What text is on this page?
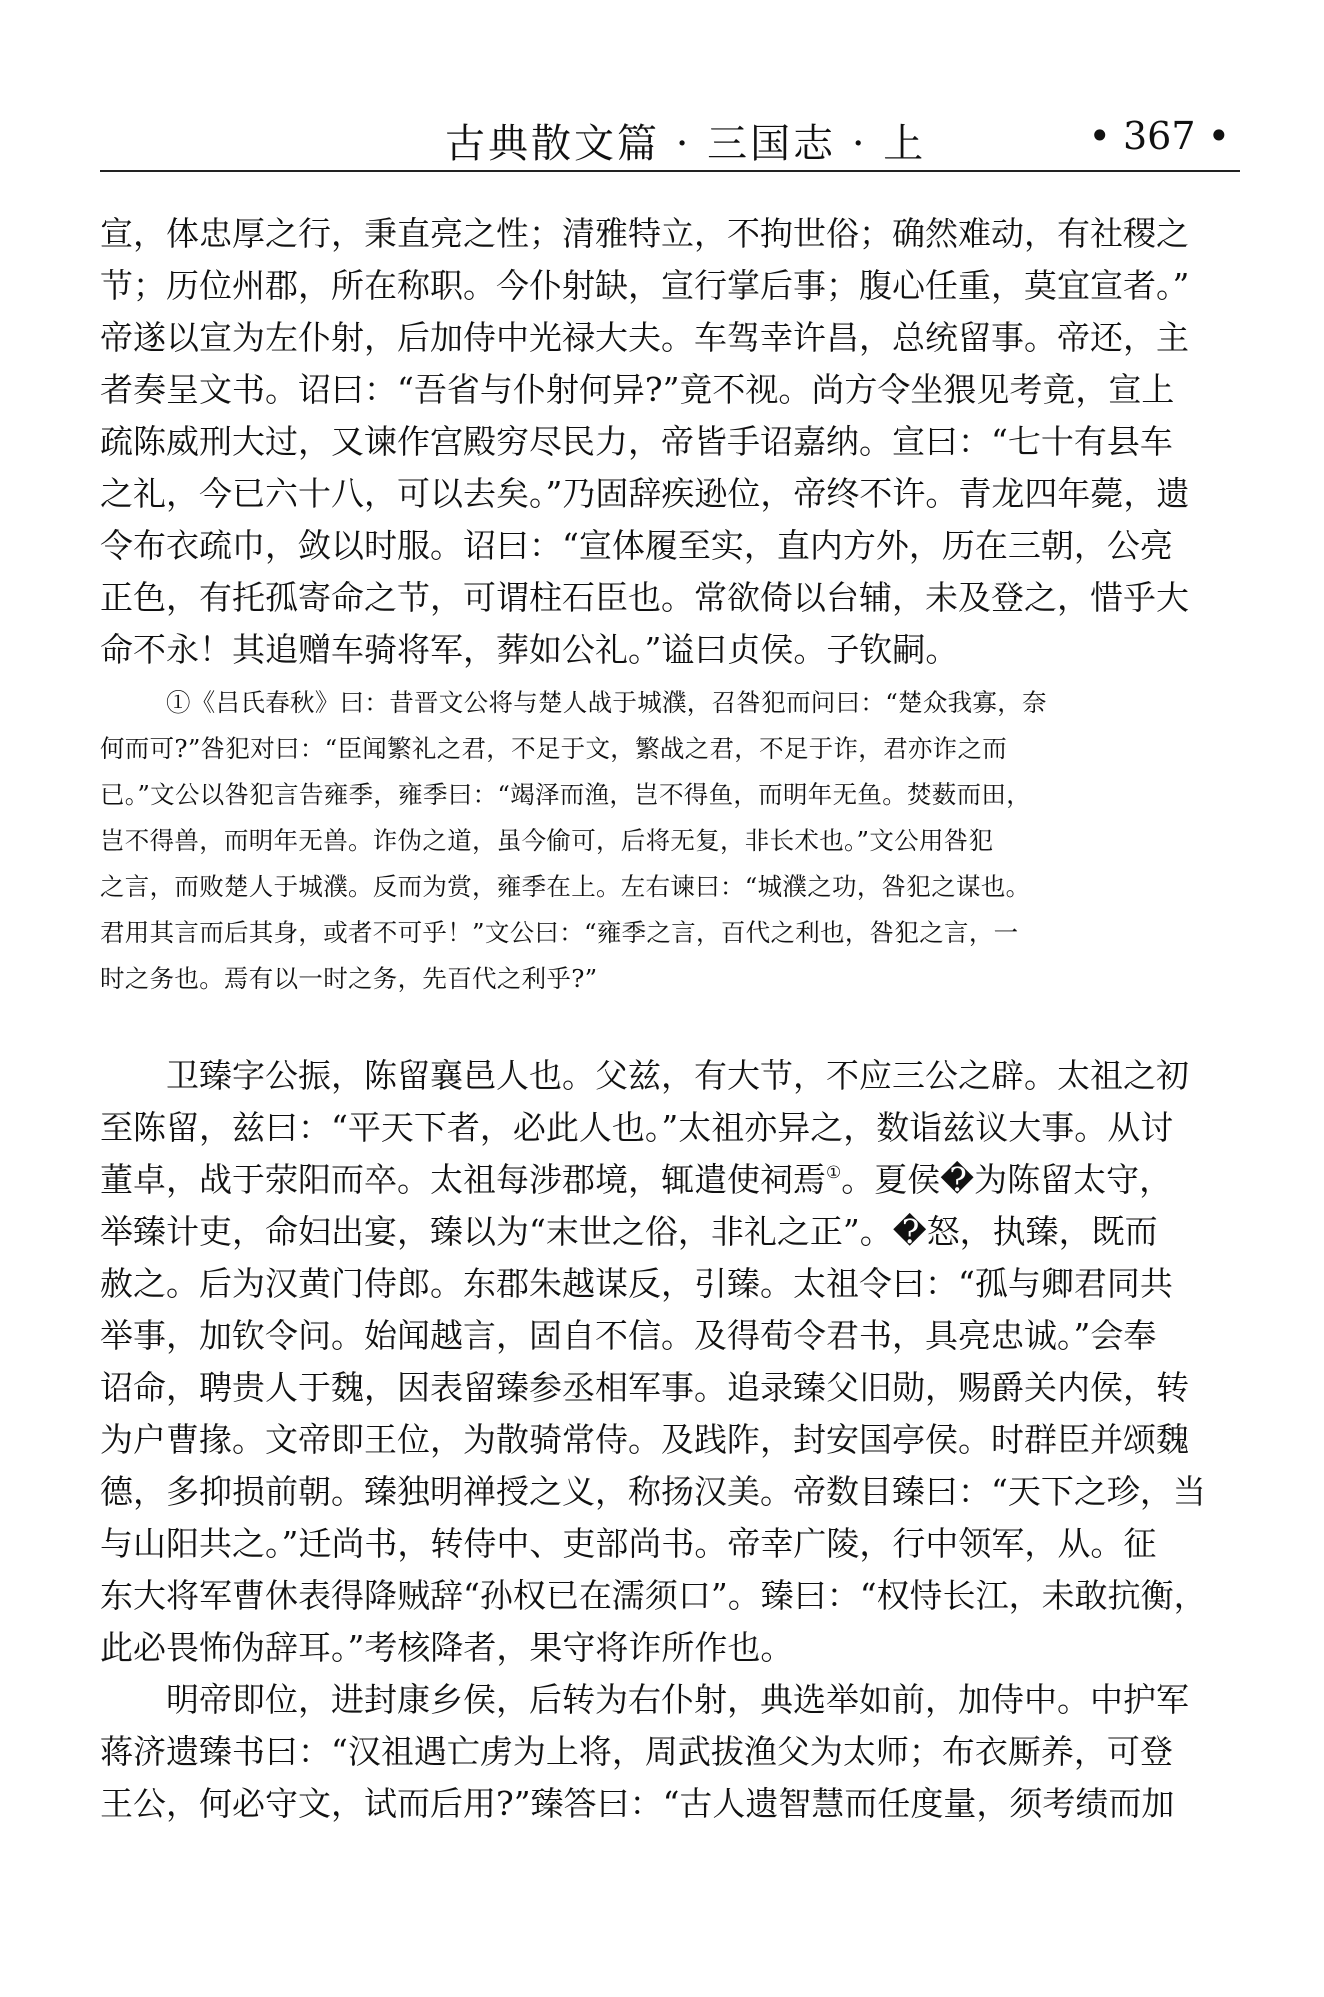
古典散文篇 · 三国志 · 上	• 367 •
宣，体忠厚之行，秉直亮之性；清雅特立，不拘世俗；确然难动，有社稷之
节；历位州郡，所在称职。今仆射缺，宣行掌后事；腹心任重，莫宜宣者。”
帝遂以宣为左仆射，后加侍中光禄大夫。车驾幸许昌，总统留事。帝还，主
者奏呈文书。诏曰：“吾省与仆射何异?”竟不视。尚方令坐猥见考竟，宣上
疏陈威刑大过，又谏作宫殿穷尽民力，帝皆手诏嘉纳。宣曰：“七十有县车
之礼，今已六十八，可以去矣。”乃固辞疾逊位，帝终不许。青龙四年薨，遗
令布衣疏巾，敛以时服。诏曰：“宣体履至实，直内方外，历在三朝，公亮
正色，有托孤寄命之节，可谓柱石臣也。常欲倚以台辅，未及登之，惜乎大
命不永！其追赠车骑将军，葬如公礼。”谥曰贞侯。子钦嗣。
①《吕氏春秋》曰：昔晋文公将与楚人战于城濮，召咎犯而问曰：“楚众我寡，奈
何而可?”咎犯对曰：“臣闻繁礼之君，不足于文，繁战之君，不足于诈，君亦诈之而
已。”文公以咎犯言告雍季，雍季曰：“竭泽而渔，岂不得鱼，而明年无鱼。焚薮而田，
岂不得兽，而明年无兽。诈伪之道，虽今偷可，后将无复，非长术也。”文公用咎犯
之言，而败楚人于城濮。反而为赏，雍季在上。左右谏曰：“城濮之功，咎犯之谋也。
君用其言而后其身，或者不可乎！”文公曰：“雍季之言，百代之利也，咎犯之言，一
时之务也。焉有以一时之务，先百代之利乎?”
卫臻字公振，陈留襄邑人也。父兹，有大节，不应三公之辟。太祖之初
至陈留，兹曰：“平天下者，必此人也。”太祖亦异之，数诣兹议大事。从讨
董卓，战于荥阳而卒。太祖每涉郡境，辄遣使祠焉①。夏侯�为陈留太守，
举臻计吏，命妇出宴，臻以为“末世之俗，非礼之正”。�怒，执臻，既而
赦之。后为汉黄门侍郎。东郡朱越谋反，引臻。太祖令曰：“孤与卿君同共
举事，加钦令问。始闻越言，固自不信。及得荀令君书，具亮忠诚。”会奉
诏命，聘贵人于魏，因表留臻参丞相军事。追录臻父旧勋，赐爵关内侯，转
为户曹掾。文帝即王位，为散骑常侍。及践阼，封安国亭侯。时群臣并颂魏
德，多抑损前朝。臻独明禅授之义，称扬汉美。帝数目臻曰：“天下之珍，当
与山阳共之。”迁尚书，转侍中、吏部尚书。帝幸广陵，行中领军，从。征
东大将军曹休表得降贼辞“孙权已在濡须口”。臻曰：“权恃长江，未敢抗衡，
此必畏怖伪辞耳。”考核降者，果守将诈所作也。
明帝即位，进封康乡侯，后转为右仆射，典选举如前，加侍中。中护军
蒋济遗臻书曰：“汉祖遇亡虏为上将，周武拔渔父为太师；布衣厮养，可登
王公，何必守文，试而后用?”臻答曰：“古人遗智慧而任度量，须考绩而加
